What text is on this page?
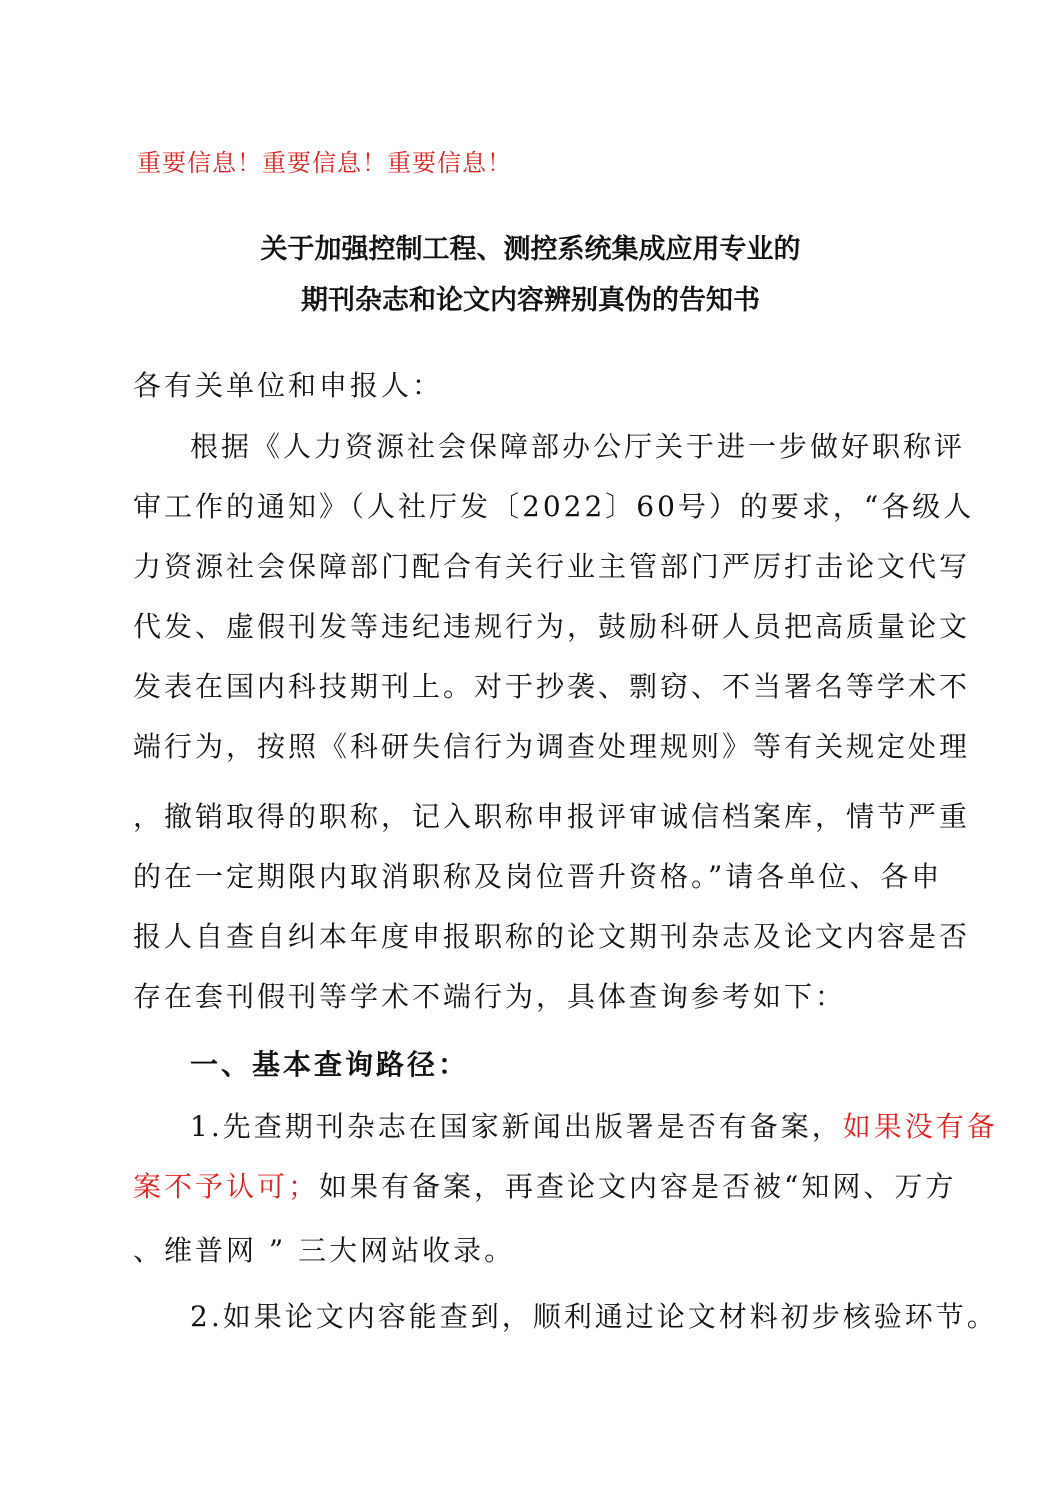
重要信息！重要信息！重要信息！
关于加强控制工程、测控系统集成应用专业的
期刊杂志和论文内容辨别真伪的告知书
各有关单位和申报人：
根据《人力资源社会保障部办公厅关于进一步做好职称评
审工作的通知》（人社厅发〔2022〕60号）的要求，“各级人
力资源社会保障部门配合有关行业主管部门严厉打击论文代写
代发、虚假刊发等违纪违规行为，鼓励科研人员把高质量论文
发表在国内科技期刊上。对于抄袭、剽窃、不当署名等学术不
端行为，按照《科研失信行为调查处理规则》等有关规定处理
，撤销取得的职称，记入职称申报评审诚信档案库，情节严重
的在一定期限内取消职称及岗位晋升资格。”请各单位、各申
报人自查自纠本年度申报职称的论文期刊杂志及论文内容是否
存在套刊假刊等学术不端行为，具体查询参考如下：
一、基本查询路径：
1.先查期刊杂志在国家新闻出版署是否有备案，如果没有备
案不予认可；如果有备案，再查论文内容是否被“知网、万方
、维普网 ” 三大网站收录。
2.如果论文内容能查到，顺利通过论文材料初步核验环节。
